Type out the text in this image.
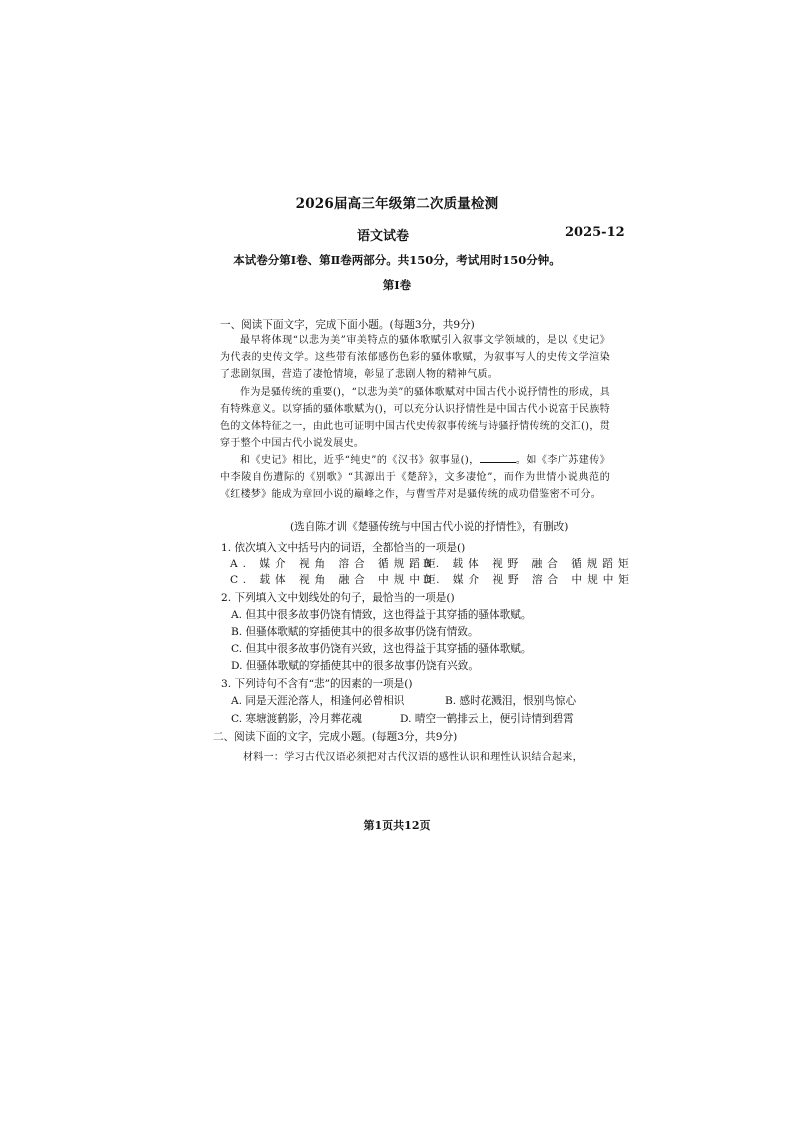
2026届高三年级第二次质量检测
语文试卷	2025-12
本试卷分第Ⅰ卷、第Ⅱ卷两部分。共150分，考试用时150分钟。
第Ⅰ卷
一、阅读下面文字，完成下面小题。(每题3分，共9分)
最早将体现“以悲为美”审美特点的骚体歌赋引入叙事文学领域的，是以《史记》为代表的史传文学。这些带有浓郁感伤色彩的骚体歌赋，为叙事写人的史传文学渲染了悲剧氛围，营造了凄怆情境，彰显了悲剧人物的精神气质。
作为是骚传统的重要()，“以悲为美”的骚体歌赋对中国古代小说抒情性的形成，具有特殊意义。以穿插的骚体歌赋为()，可以充分认识抒情性是中国古代小说富于民族特色的文体特征之一，由此也可证明中国古代史传叙事传统与诗骚抒情传统的交汇()，贯穿于整个中国古代小说发展史。
和《史记》相比，近乎“纯史”的《汉书》叙事显()，	。如《李广苏建传》中李陵自伤遭际的《别歌》“其源出于《楚辞》，文多凄怆”，而作为世情小说典范的《红楼梦》能成为章回小说的巅峰之作，与曹雪芹对是骚传统的成功借鉴密不可分。
(选自陈才训《楚骚传统与中国古代小说的抒情性》，有删改)
1. 依次填入文中括号内的词语，全都恰当的一项是()
A. 媒介 视角 溶合 循规蹈矩
B. 载体 视野 融合 循规蹈矩
C. 载体 视角 融合 中规中矩
D. 媒介 视野 溶合 中规中矩
2. 下列填入文中划线处的句子，最恰当的一项是()
A. 但其中很多故事仍饶有情致，这也得益于其穿插的骚体歌赋。
B. 但骚体歌赋的穿插使其中的很多故事仍饶有情致。
C. 但其中很多故事仍饶有兴致，这也得益于其穿插的骚体歌赋。
D. 但骚体歌赋的穿插使其中的很多故事仍饶有兴致。
3. 下列诗句不含有“悲”的因素的一项是()
A. 同是天涯沦落人，相逢何必曾相识	B. 感时花溅泪，恨别鸟惊心
C. 寒塘渡鹤影，冷月葬花魂	D. 晴空一鹤排云上，便引诗情到碧霄
二、阅读下面的文字，完成小题。(每题3分，共9分)
材料一：学习古代汉语必须把对古代汉语的感性认识和理性认识结合起来，
第1页共12页
